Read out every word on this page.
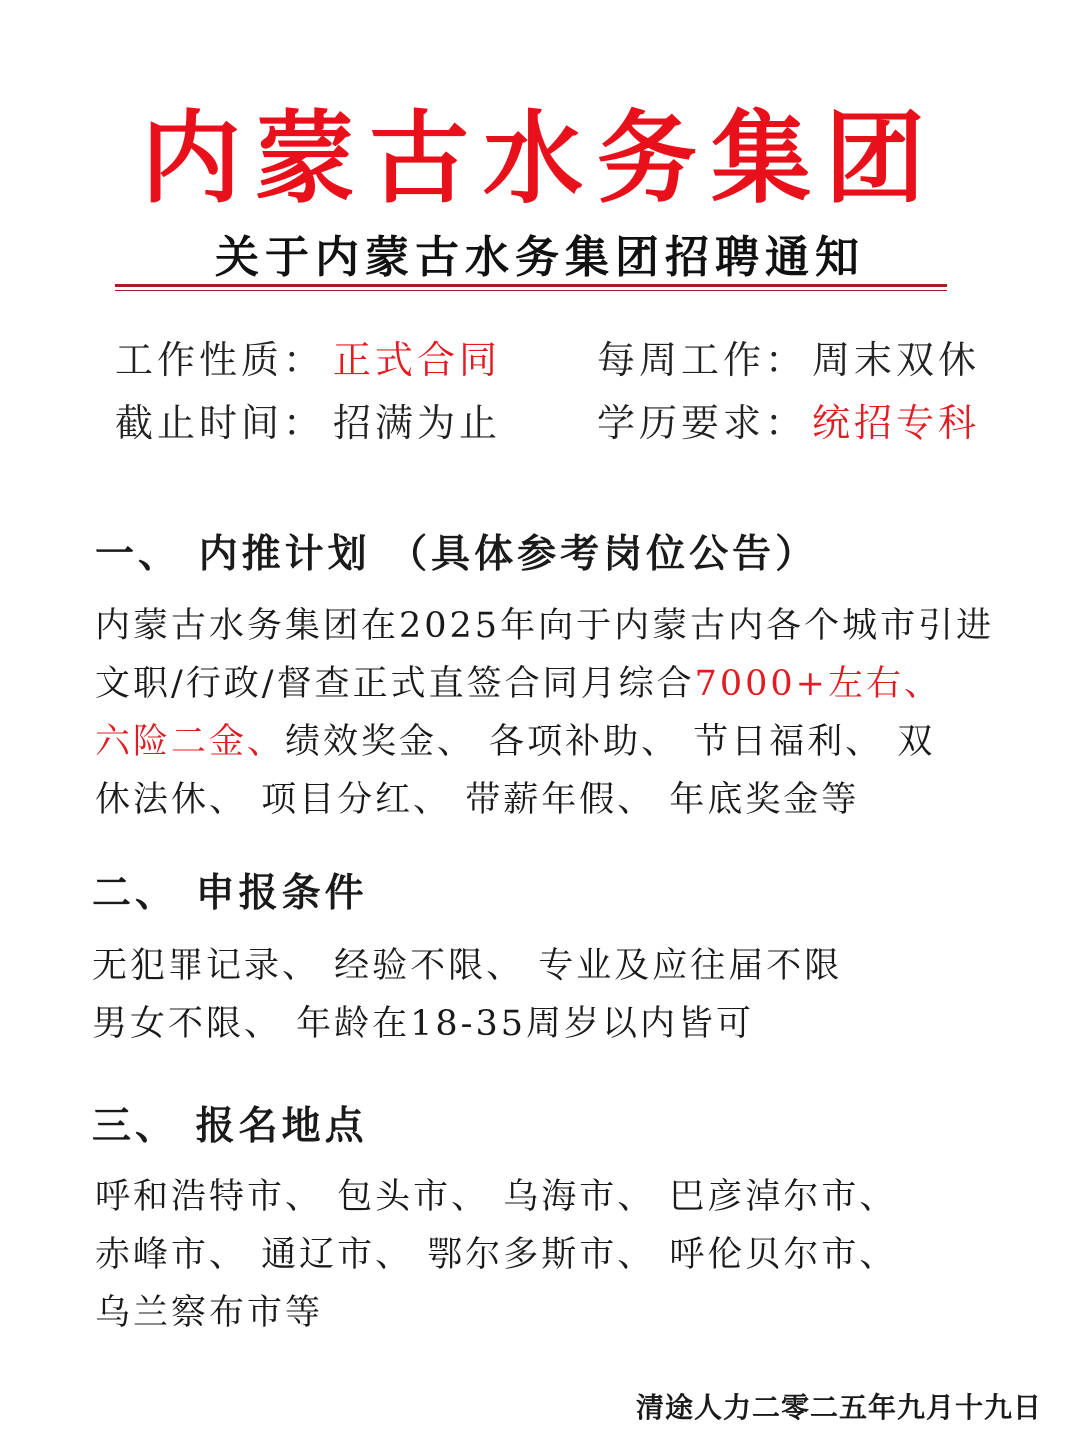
内蒙古水务集团
关于内蒙古水务集团招聘通知
工作性质： 正式合同	每周工作： 周末双休
截止时间： 招满为止	学历要求： 统招专科
一、 内推计划 （具体参考岗位公告）
内蒙古水务集团在2025年向于内蒙古内各个城市引进
文职/行政/督查正式直签合同月综合7000+左右、
六险二金、绩效奖金、 各项补助、 节日福利、 双
休法休、 项目分红、 带薪年假、 年底奖金等
二、 申报条件
无犯罪记录、 经验不限、 专业及应往届不限
男女不限、 年龄在18-35周岁以内皆可
三、 报名地点
呼和浩特市、 包头市、 乌海市、 巴彦淖尔市、
赤峰市、 通辽市、 鄂尔多斯市、 呼伦贝尔市、
乌兰察布市等
清途人力二零二五年九月十九日
